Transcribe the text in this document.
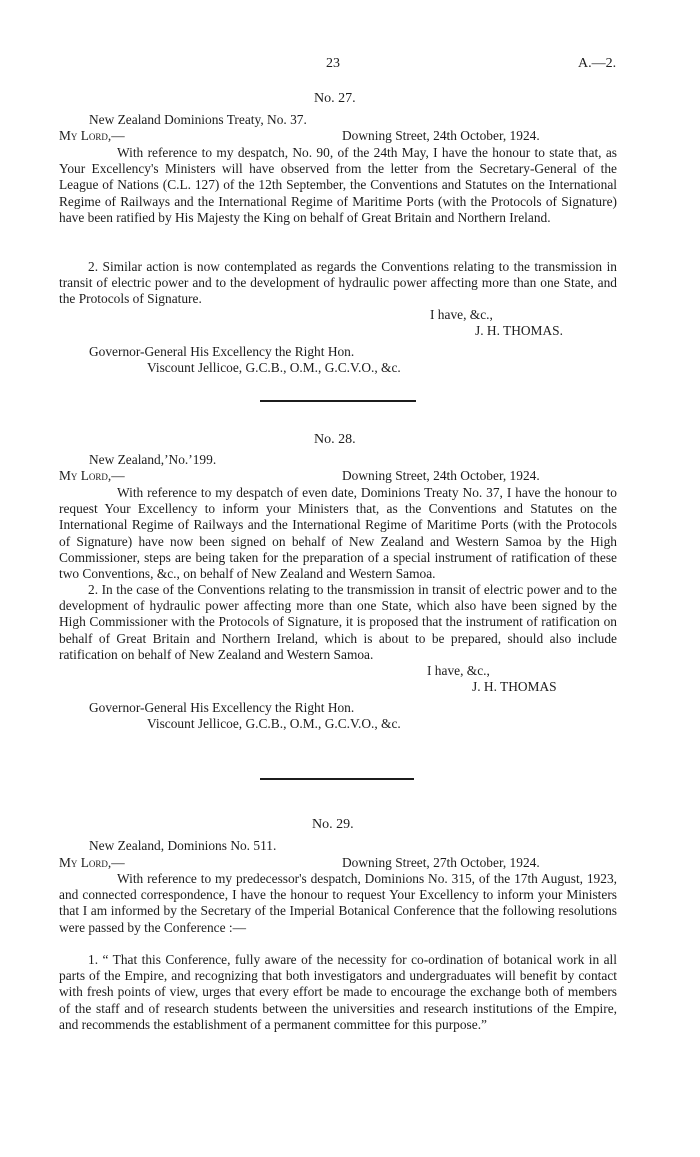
23	A.—2.
No. 27.
New Zealand Dominions Treaty, No. 37.
My Lord,—	Downing Street, 24th October, 1924.
With reference to my despatch, No. 90, of the 24th May, I have the honour to state that, as Your Excellency's Ministers will have observed from the letter from the Secretary-General of the League of Nations (C.L. 127) of the 12th September, the Conventions and Statutes on the International Regime of Railways and the International Regime of Maritime Ports (with the Protocols of Signature) have been ratified by His Majesty the King on behalf of Great Britain and Northern Ireland.
2. Similar action is now contemplated as regards the Conventions relating to the transmission in transit of electric power and to the development of hydraulic power affecting more than one State, and the Protocols of Signature.
I have, &c.,
J. H. THOMAS.
Governor-General His Excellency the Right Hon.
Viscount Jellicoe, G.C.B., O.M., G.C.V.O., &c.
No. 28.
New Zealand,’No.’199.
My Lord,—	Downing Street, 24th October, 1924.
With reference to my despatch of even date, Dominions Treaty No. 37, I have the honour to request Your Excellency to inform your Ministers that, as the Conventions and Statutes on the International Regime of Railways and the International Regime of Maritime Ports (with the Protocols of Signature) have now been signed on behalf of New Zealand and Western Samoa by the High Commissioner, steps are being taken for the preparation of a special instrument of ratification of these two Conventions, &c., on behalf of New Zealand and Western Samoa.
2. In the case of the Conventions relating to the transmission in transit of electric power and to the development of hydraulic power affecting more than one State, which also have been signed by the High Commissioner with the Protocols of Signature, it is proposed that the instrument of ratification on behalf of Great Britain and Northern Ireland, which is about to be prepared, should also include ratification on behalf of New Zealand and Western Samoa.
I have, &c.,
J. H. THOMAS
Governor-General His Excellency the Right Hon.
Viscount Jellicoe, G.C.B., O.M., G.C.V.O., &c.
No. 29.
New Zealand, Dominions No. 511.
My Lord,—	Downing Street, 27th October, 1924.
With reference to my predecessor's despatch, Dominions No. 315, of the 17th August, 1923, and connected correspondence, I have the honour to request Your Excellency to inform your Ministers that I am informed by the Secretary of the Imperial Botanical Conference that the following resolutions were passed by the Conference :—
1. “ That this Conference, fully aware of the necessity for co-ordination of botanical work in all parts of the Empire, and recognizing that both investigators and undergraduates will benefit by contact with fresh points of view, urges that every effort be made to encourage the exchange both of members of the staff and of research students between the universities and research institutions of the Empire, and recommends the establishment of a permanent committee for this purpose.”
